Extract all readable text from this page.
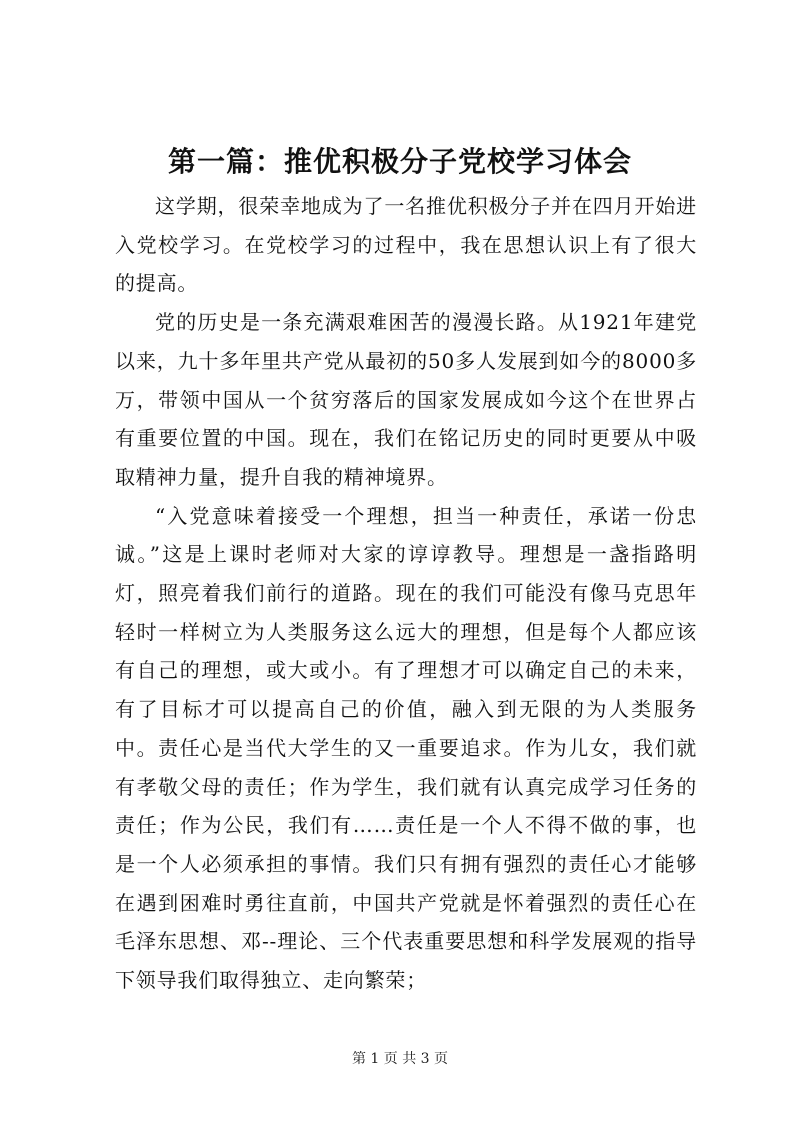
第一篇：推优积极分子党校学习体会

这学期，很荣幸地成为了一名推优积极分子并在四月开始进入党校学习。在党校学习的过程中，我在思想认识上有了很大的提高。

党的历史是一条充满艰难困苦的漫漫长路。从1921年建党以来，九十多年里共产党从最初的50多人发展到如今的8000多万，带领中国从一个贫穷落后的国家发展成如今这个在世界占有重要位置的中国。现在，我们在铭记历史的同时更要从中吸取精神力量，提升自我的精神境界。

“入党意味着接受一个理想，担当一种责任，承诺一份忠诚。”这是上课时老师对大家的谆谆教导。理想是一盏指路明灯，照亮着我们前行的道路。现在的我们可能没有像马克思年轻时一样树立为人类服务这么远大的理想，但是每个人都应该有自己的理想，或大或小。有了理想才可以确定自己的未来，有了目标才可以提高自己的价值，融入到无限的为人类服务中。责任心是当代大学生的又一重要追求。作为儿女，我们就有孝敬父母的责任；作为学生，我们就有认真完成学习任务的责任；作为公民，我们有……责任是一个人不得不做的事，也是一个人必须承担的事情。我们只有拥有强烈的责任心才能够在遇到困难时勇往直前，中国共产党就是怀着强烈的责任心在毛泽东思想、邓--理论、三个代表重要思想和科学发展观的指导下领导我们取得独立、走向繁荣；

第 1 页 共 3 页
